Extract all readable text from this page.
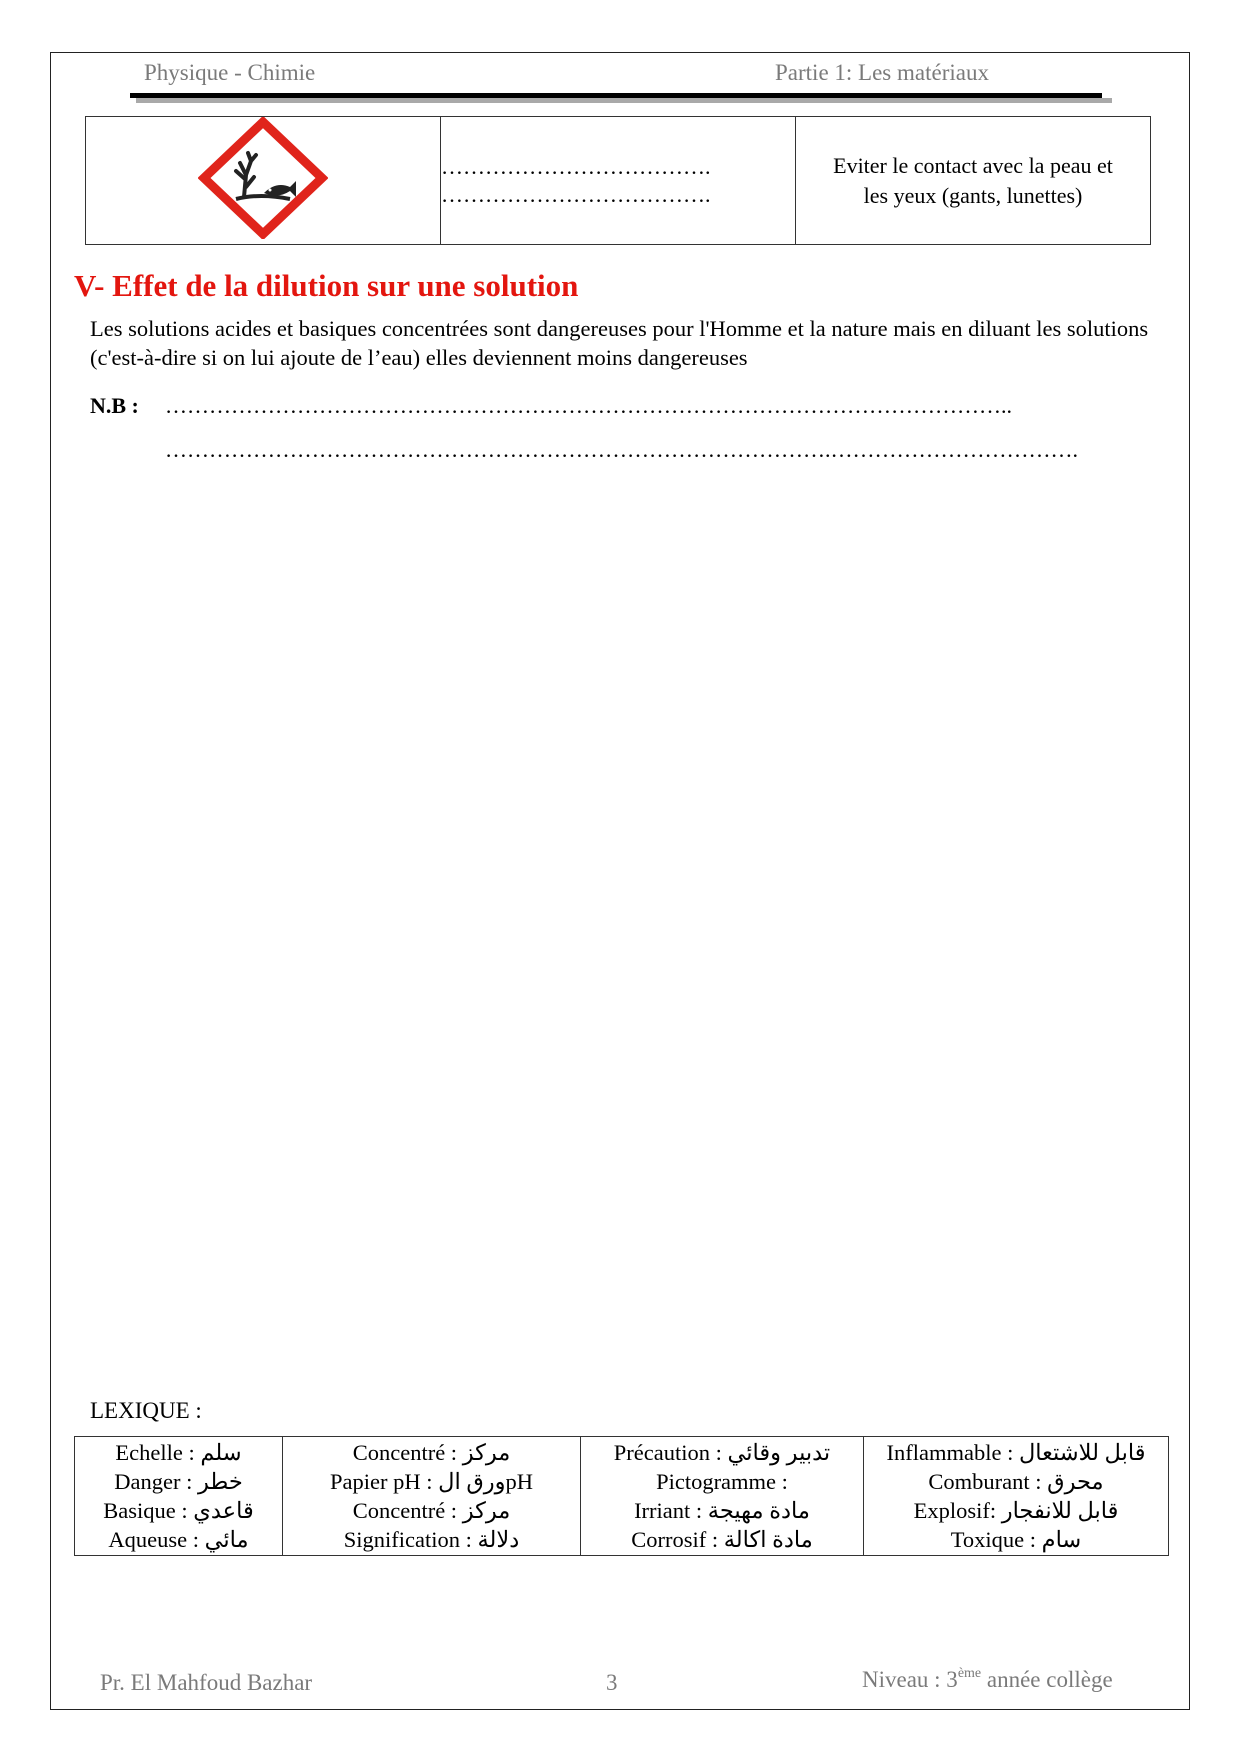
Physique - Chimie	Partie 1: Les matériaux

……………………………….
……………………………….

Eviter le contact avec la peau et
les yeux (gants, lunettes)
V- Effet de la dilution sur une solution
Les solutions acides et basiques concentrées sont dangereuses pour l'Homme et la nature mais en diluant les solutions (c'est-à-dire si on lui ajoute de l’eau) elles deviennent moins dangereuses
N.B : ……………………………………………………………………………………………………..
……………………………………………………………………………….…………………………….
LEXIQUE :
Echelle : سلم
Danger : خطر
Basique : قاعدي
Aqueuse : مائي

Concentré : مركز
Papier pH : ورق الpH
Concentré : مركز
Signification : دلالة

Précaution : تدبير وقائي
Pictogramme :
Irriant : مادة مهيجة
Corrosif : مادة اكالة

Inflammable : قابل للاشتعال
Comburant : محرق
Explosif: قابل للانفجار
Toxique : سام
Pr. El Mahfoud Bazhar	3	Niveau : 3ème année collège
